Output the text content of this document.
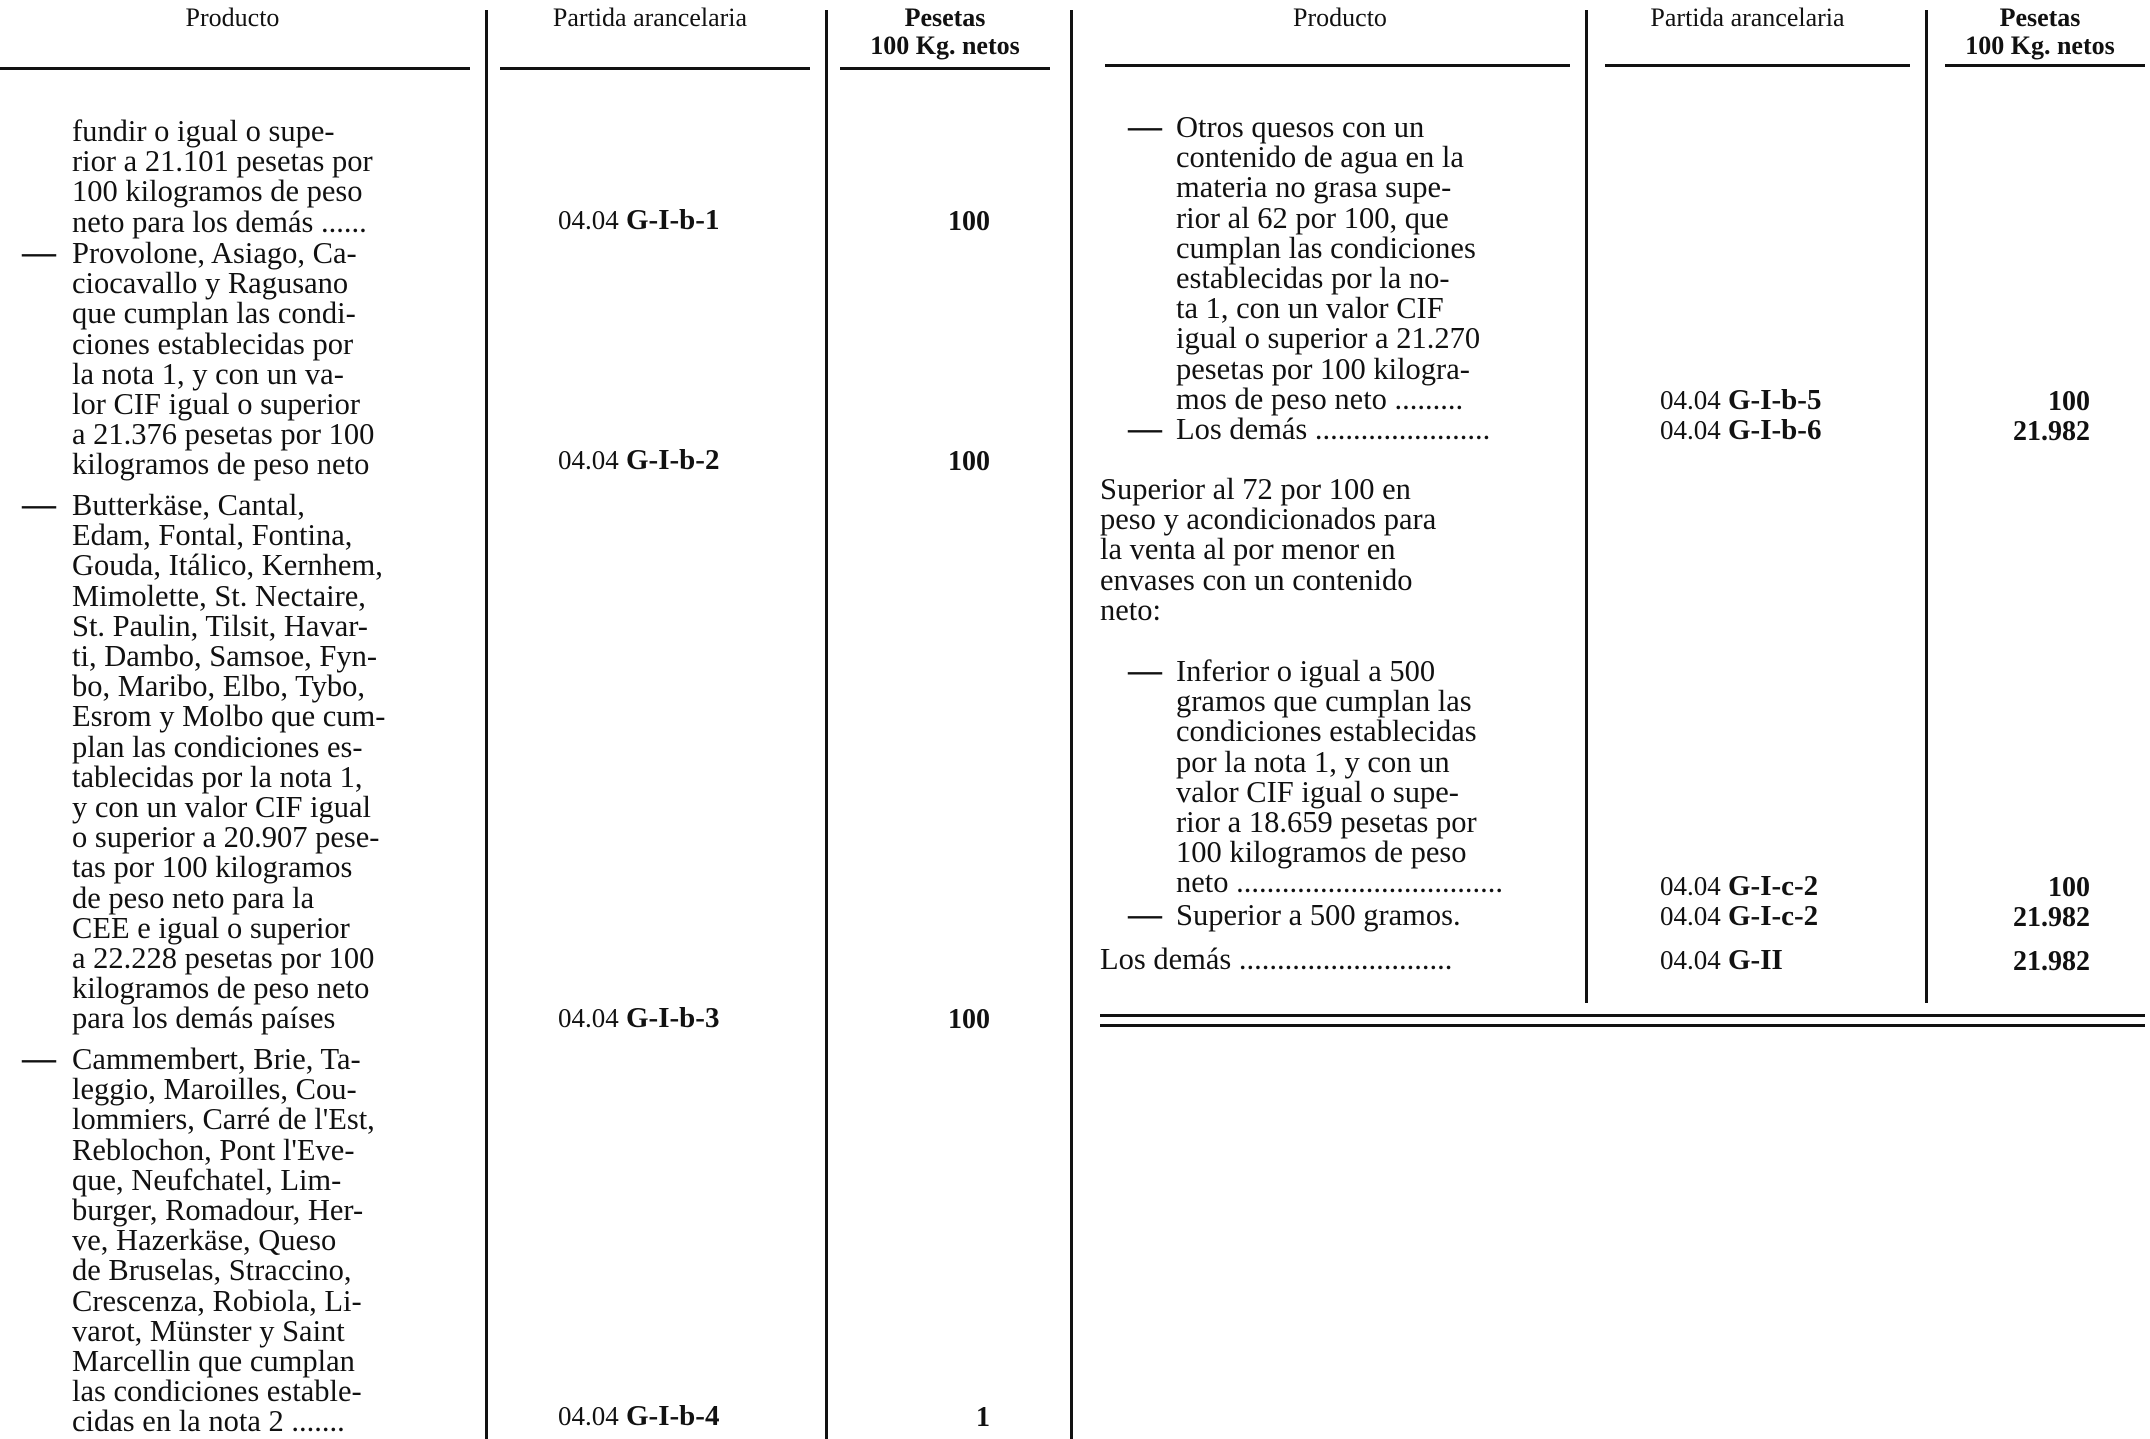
Producto	Partida arancelaria	Pesetas
100 Kg. netos
Producto	Partida arancelaria	Pesetas
100 Kg. netos
fundir o igual o supe-
rior a 21.101 pesetas por
100 kilogramos de peso
neto para los demás ......	04.04 G-I-b-1	100
— Provolone, Asiago, Ca-
ciocavallo y Ragusano
que cumplan las condi-
ciones establecidas por
la nota 1, y con un va-
lor CIF igual o superior
a 21.376 pesetas por 100
kilogramos de peso neto	04.04 G-I-b-2	100
— Butterkäse, Cantal,
Edam, Fontal, Fontina,
Gouda, Itálico, Kernhem,
Mimolette, St. Nectaire,
St. Paulin, Tilsit, Havar-
ti, Dambo, Samsoe, Fyn-
bo, Maribo, Elbo, Tybo,
Esrom y Molbo que cum-
plan las condiciones es-
tablecidas por la nota 1,
y con un valor CIF igual
o superior a 20.907 pese-
tas por 100 kilogramos
de peso neto para la
CEE e igual o superior
a 22.228 pesetas por 100
kilogramos de peso neto
para los demás países	04.04 G-I-b-3	100
— Cammembert, Brie, Ta-
leggio, Maroilles, Cou-
lommiers, Carré de l'Est,
Reblochon, Pont l'Eve-
que, Neufchatel, Lim-
burger, Romadour, Her-
ve, Hazerkäse, Queso
de Bruselas, Straccino,
Crescenza, Robiola, Li-
varot, Münster y Saint
Marcellin que cumplan
las condiciones estable-
cidas en la nota 2 .......	04.04 G-I-b-4	1
— Otros quesos con un
contenido de agua en la
materia no grasa supe-
rior al 62 por 100, que
cumplan las condiciones
establecidas por la no-
ta 1, con un valor CIF
igual o superior a 21.270
pesetas por 100 kilogra-
mos de peso neto .........	04.04 G-I-b-5	100
— Los demás .......................	04.04 G-I-b-6	21.982
Superior al 72 por 100 en
peso y acondicionados para
la venta al por menor en
envases con un contenido
neto:
— Inferior o igual a 500
gramos que cumplan las
condiciones establecidas
por la nota 1, y con un
valor CIF igual o supe-
rior a 18.659 pesetas por
100 kilogramos de peso
neto ...................................	04.04 G-I-c-2	100
— Superior a 500 gramos.	04.04 G-I-c-2	21.982
Los demás ............................	04.04 G-II	21.982
